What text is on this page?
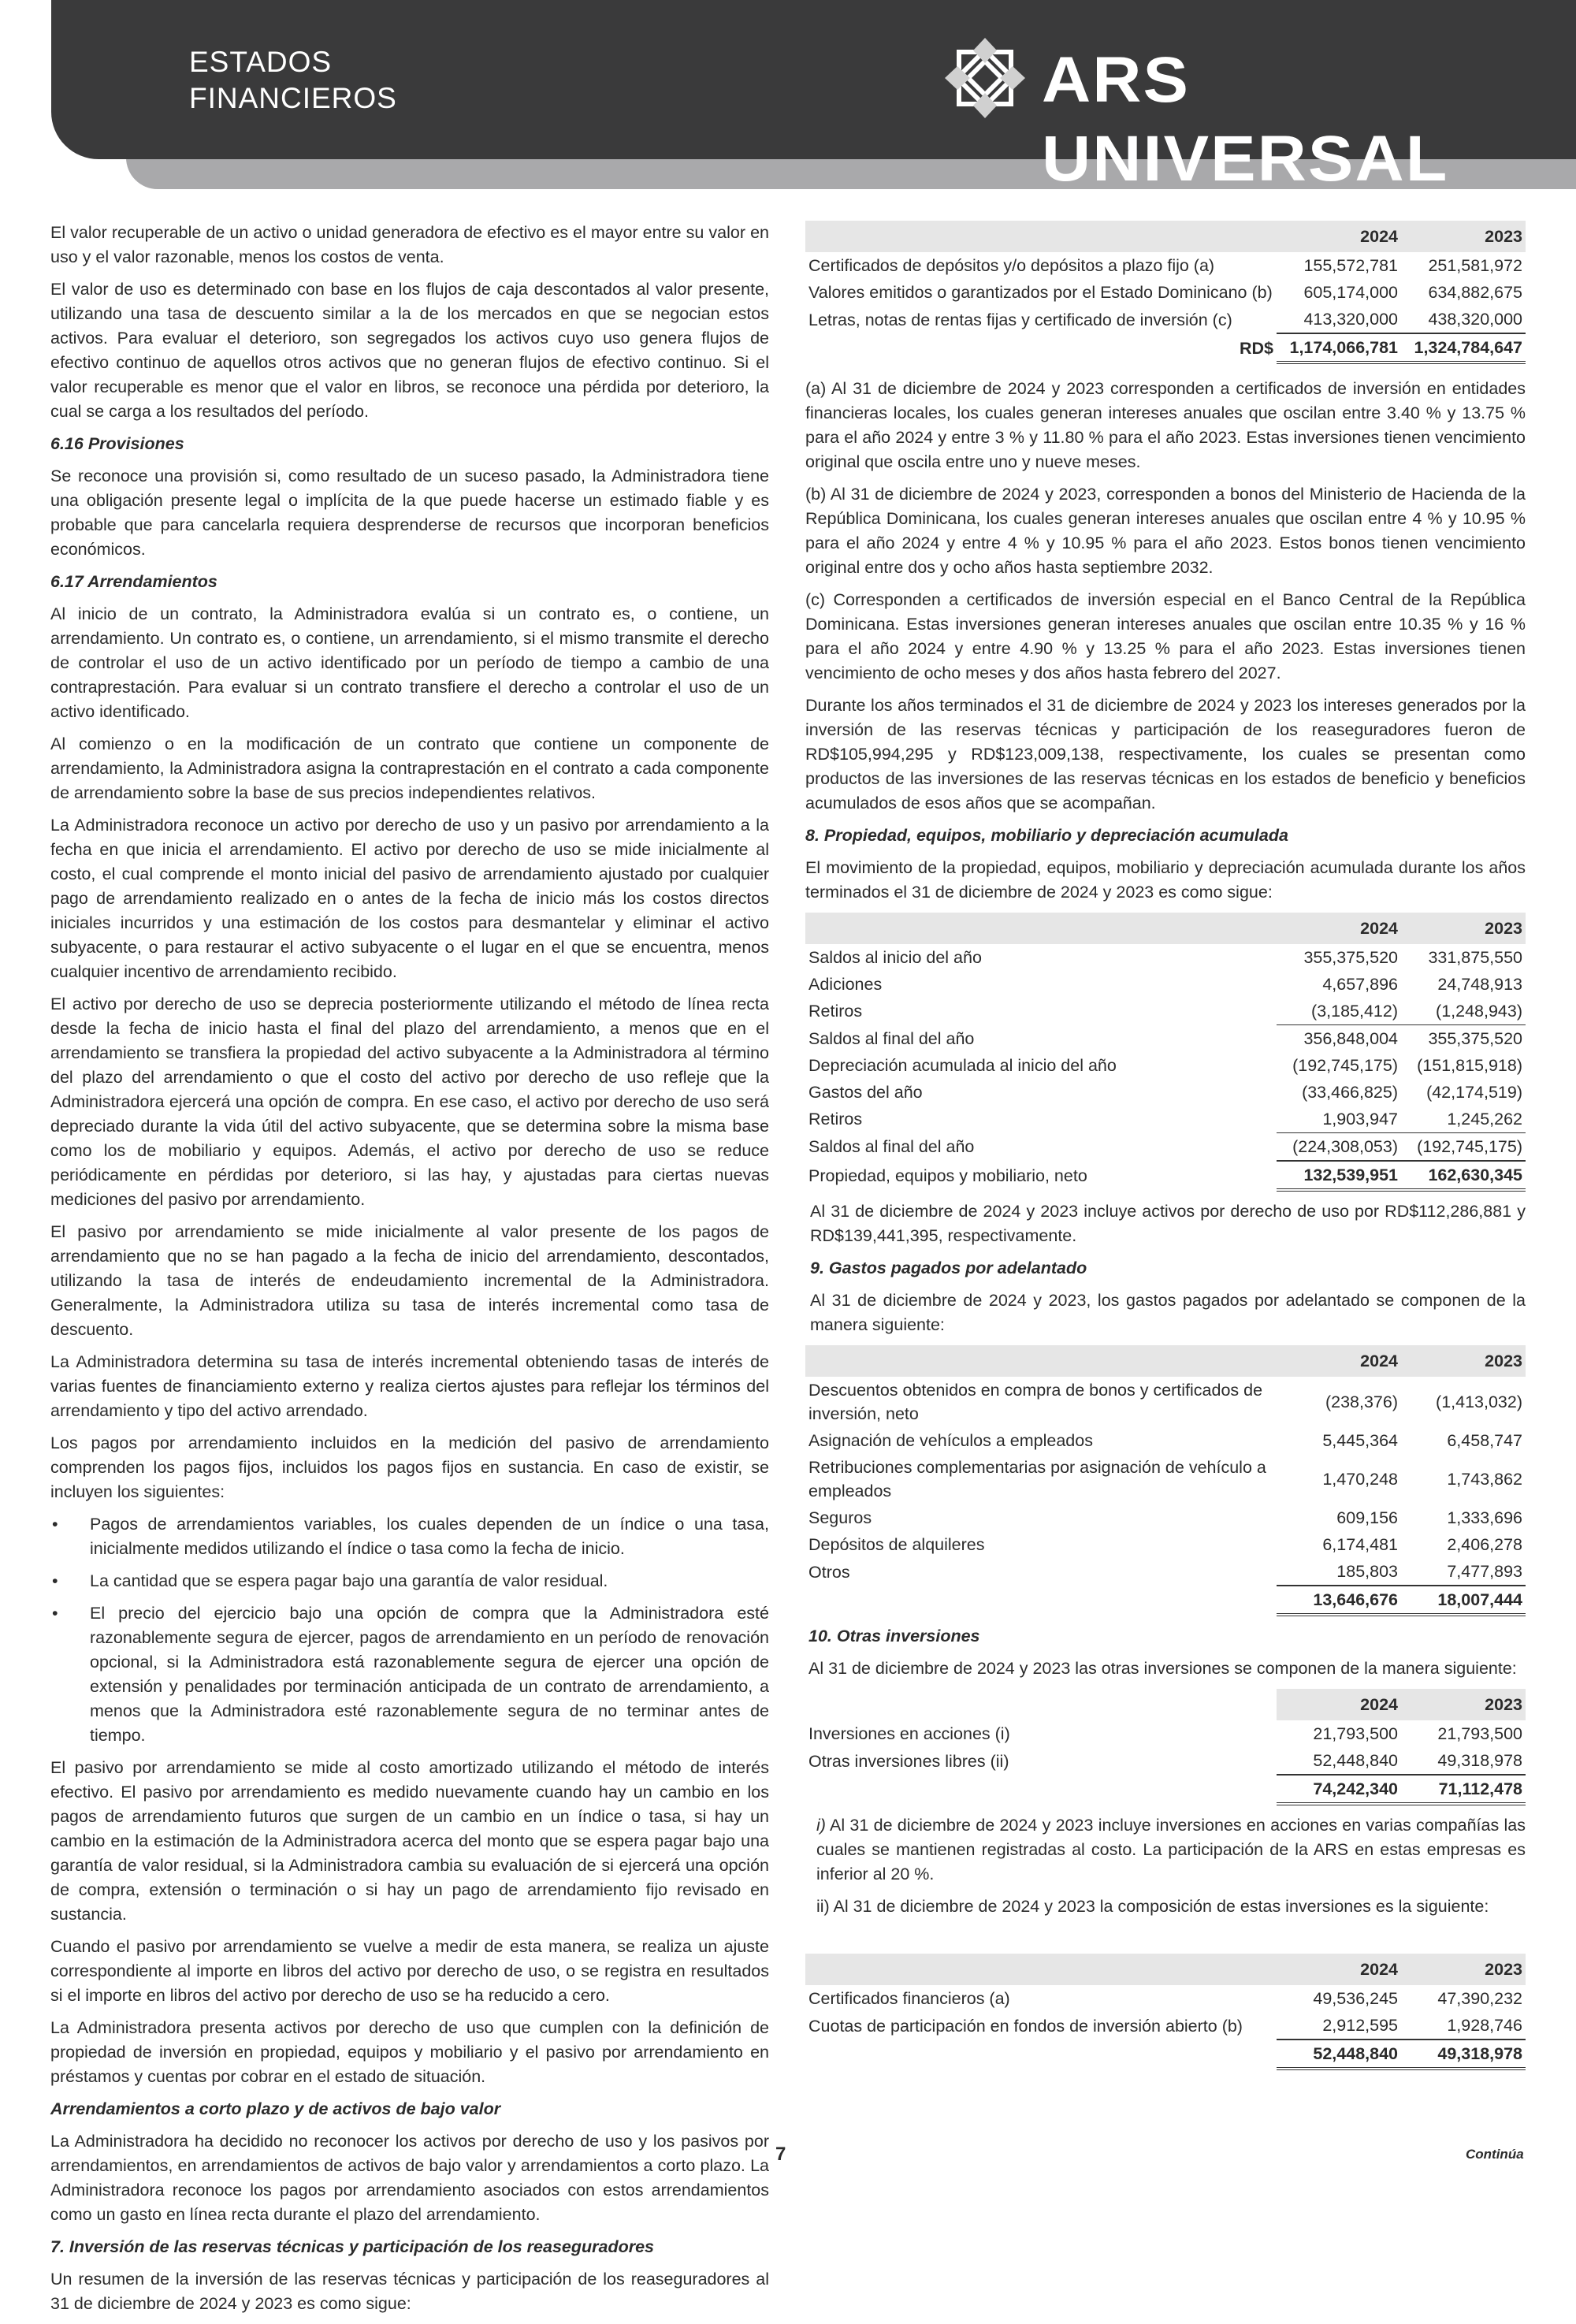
ESTADOS
FINANCIEROS	ARS UNIVERSAL®

El valor recuperable de un activo o unidad generadora de efectivo es el mayor entre su valor en uso y el valor razonable, menos los costos de venta.

El valor de uso es determinado con base en los flujos de caja descontados al valor presente, utilizando una tasa de descuento similar a la de los mercados en que se negocian estos activos. Para evaluar el deterioro, son segregados los activos cuyo uso genera flujos de efectivo continuo de aquellos otros activos que no generan flujos de efectivo continuo. Si el valor recuperable es menor que el valor en libros, se reconoce una pérdida por deterioro, la cual se carga a los resultados del período.

6.16 Provisiones

Se reconoce una provisión si, como resultado de un suceso pasado, la Administradora tiene una obligación presente legal o implícita de la que puede hacerse un estimado fiable y es probable que para cancelarla requiera desprenderse de recursos que incorporan beneficios económicos.

6.17 Arrendamientos

Al inicio de un contrato, la Administradora evalúa si un contrato es, o contiene, un arrendamiento. Un contrato es, o contiene, un arrendamiento, si el mismo transmite el derecho de controlar el uso de un activo identificado por un período de tiempo a cambio de una contraprestación. Para evaluar si un contrato transfiere el derecho a controlar el uso de un activo identificado.

Al comienzo o en la modificación de un contrato que contiene un componente de arrendamiento, la Administradora asigna la contraprestación en el contrato a cada componente de arrendamiento sobre la base de sus precios independientes relativos.

La Administradora reconoce un activo por derecho de uso y un pasivo por arrendamiento a la fecha en que inicia el arrendamiento. El activo por derecho de uso se mide inicialmente al costo, el cual comprende el monto inicial del pasivo de arrendamiento ajustado por cualquier pago de arrendamiento realizado en o antes de la fecha de inicio más los costos directos iniciales incurridos y una estimación de los costos para desmantelar y eliminar el activo subyacente, o para restaurar el activo subyacente o el lugar en el que se encuentra, menos cualquier incentivo de arrendamiento recibido.

El activo por derecho de uso se deprecia posteriormente utilizando el método de línea recta desde la fecha de inicio hasta el final del plazo del arrendamiento, a menos que en el arrendamiento se transfiera la propiedad del activo subyacente a la Administradora al término del plazo del arrendamiento o que el costo del activo por derecho de uso refleje que la Administradora ejercerá una opción de compra. En ese caso, el activo por derecho de uso será depreciado durante la vida útil del activo subyacente, que se determina sobre la misma base como los de mobiliario y equipos. Además, el activo por derecho de uso se reduce periódicamente en pérdidas por deterioro, si las hay, y ajustadas para ciertas nuevas mediciones del pasivo por arrendamiento.

El pasivo por arrendamiento se mide inicialmente al valor presente de los pagos de arrendamiento que no se han pagado a la fecha de inicio del arrendamiento, descontados, utilizando la tasa de interés de endeudamiento incremental de la Administradora. Generalmente, la Administradora utiliza su tasa de interés incremental como tasa de descuento.

La Administradora determina su tasa de interés incremental obteniendo tasas de interés de varias fuentes de financiamiento externo y realiza ciertos ajustes para reflejar los términos del arrendamiento y tipo del activo arrendado.

Los pagos por arrendamiento incluidos en la medición del pasivo de arrendamiento comprenden los pagos fijos, incluidos los pagos fijos en sustancia. En caso de existir, se incluyen los siguientes:

• Pagos de arrendamientos variables, los cuales dependen de un índice o una tasa, inicialmente medidos utilizando el índice o tasa como la fecha de inicio.
• La cantidad que se espera pagar bajo una garantía de valor residual.
• El precio del ejercicio bajo una opción de compra que la Administradora esté razonablemente segura de ejercer, pagos de arrendamiento en un período de renovación opcional, si la Administradora está razonablemente segura de ejercer una opción de extensión y penalidades por terminación anticipada de un contrato de arrendamiento, a menos que la Administradora esté razonablemente segura de no terminar antes de tiempo.

El pasivo por arrendamiento se mide al costo amortizado utilizando el método de interés efectivo. El pasivo por arrendamiento es medido nuevamente cuando hay un cambio en los pagos de arrendamiento futuros que surgen de un cambio en un índice o tasa, si hay un cambio en la estimación de la Administradora acerca del monto que se espera pagar bajo una garantía de valor residual, si la Administradora cambia su evaluación de si ejercerá una opción de compra, extensión o terminación o si hay un pago de arrendamiento fijo revisado en sustancia.

Cuando el pasivo por arrendamiento se vuelve a medir de esta manera, se realiza un ajuste correspondiente al importe en libros del activo por derecho de uso, o se registra en resultados si el importe en libros del activo por derecho de uso se ha reducido a cero.

La Administradora presenta activos por derecho de uso que cumplen con la definición de propiedad de inversión en propiedad, equipos y mobiliario y el pasivo por arrendamiento en préstamos y cuentas por cobrar en el estado de situación.

Arrendamientos a corto plazo y de activos de bajo valor

La Administradora ha decidido no reconocer los activos por derecho de uso y los pasivos por arrendamientos, en arrendamientos de activos de bajo valor y arrendamientos a corto plazo. La Administradora reconoce los pagos por arrendamiento asociados con estos arrendamientos como un gasto en línea recta durante el plazo del arrendamiento.

7. Inversión de las reservas técnicas y participación de los reaseguradores

Un resumen de la inversión de las reservas técnicas y participación de los reaseguradores al 31 de diciembre de 2024 y 2023 es como sigue:

	2024	2023
Certificados de depósitos y/o depósitos a plazo fijo (a)	155,572,781	251,581,972
Valores emitidos o garantizados por el Estado Dominicano (b)	605,174,000	634,882,675
Letras, notas de rentas fijas y certificado de inversión (c)	413,320,000	438,320,000
RD$	1,174,066,781	1,324,784,647

(a) Al 31 de diciembre de 2024 y 2023 corresponden a certificados de inversión en entidades financieras locales, los cuales generan intereses anuales que oscilan entre 3.40 % y 13.75 % para el año 2024 y entre 3 % y 11.80 % para el año 2023. Estas inversiones tienen vencimiento original que oscila entre uno y nueve meses.

(b) Al 31 de diciembre de 2024 y 2023, corresponden a bonos del Ministerio de Hacienda de la República Dominicana, los cuales generan intereses anuales que oscilan entre 4 % y 10.95 % para el año 2024 y entre 4 % y 10.95 % para el año 2023. Estos bonos tienen vencimiento original entre dos y ocho años hasta septiembre 2032.

(c) Corresponden a certificados de inversión especial en el Banco Central de la República Dominicana. Estas inversiones generan intereses anuales que oscilan entre 10.35 % y 16 % para el año 2024 y entre 4.90 % y 13.25 % para el año 2023. Estas inversiones tienen vencimiento de ocho meses y dos años hasta febrero del 2027.

Durante los años terminados el 31 de diciembre de 2024 y 2023 los intereses generados por la inversión de las reservas técnicas y participación de los reaseguradores fueron de RD$105,994,295 y RD$123,009,138, respectivamente, los cuales se presentan como productos de las inversiones de las reservas técnicas en los estados de beneficio y beneficios acumulados de esos años que se acompañan.

8. Propiedad, equipos, mobiliario y depreciación acumulada

El movimiento de la propiedad, equipos, mobiliario y depreciación acumulada durante los años terminados el 31 de diciembre de 2024 y 2023 es como sigue:

	2024	2023
Saldos al inicio del año	355,375,520	331,875,550
Adiciones	4,657,896	24,748,913
Retiros	(3,185,412)	(1,248,943)
Saldos al final del año	356,848,004	355,375,520
Depreciación acumulada al inicio del año	(192,745,175)	(151,815,918)
Gastos del año	(33,466,825)	(42,174,519)
Retiros	1,903,947	1,245,262
Saldos al final del año	(224,308,053)	(192,745,175)
Propiedad, equipos y mobiliario, neto	132,539,951	162,630,345

Al 31 de diciembre de 2024 y 2023 incluye activos por derecho de uso por RD$112,286,881 y RD$139,441,395, respectivamente.

9. Gastos pagados por adelantado

Al 31 de diciembre de 2024 y 2023, los gastos pagados por adelantado se componen de la manera siguiente:

	2024	2023
Descuentos obtenidos en compra de bonos y certificados de inversión, neto	(238,376)	(1,413,032)
Asignación de vehículos a empleados	5,445,364	6,458,747
Retribuciones complementarias por asignación de vehículo a empleados	1,470,248	1,743,862
Seguros	609,156	1,333,696
Depósitos de alquileres	6,174,481	2,406,278
Otros	185,803	7,477,893
	13,646,676	18,007,444
10. Otras inversiones

Al 31 de diciembre de 2024 y 2023 las otras inversiones se componen de la manera siguiente:

	2024	2023
Inversiones en acciones (i)	21,793,500	21,793,500
Otras inversiones libres (ii)	52,448,840	49,318,978
	74,242,340	71,112,478

i) Al 31 de diciembre de 2024 y 2023 incluye inversiones en acciones en varias compañías las cuales se mantienen registradas al costo. La participación de la ARS en estas empresas es inferior al 20 %.

ii) Al 31 de diciembre de 2024 y 2023 la composición de estas inversiones es la siguiente:

	2024	2023
Certificados financieros (a)	49,536,245	47,390,232
Cuotas de participación en fondos de inversión abierto (b)	2,912,595	1,928,746
	52,448,840	49,318,978
7	Continúa
